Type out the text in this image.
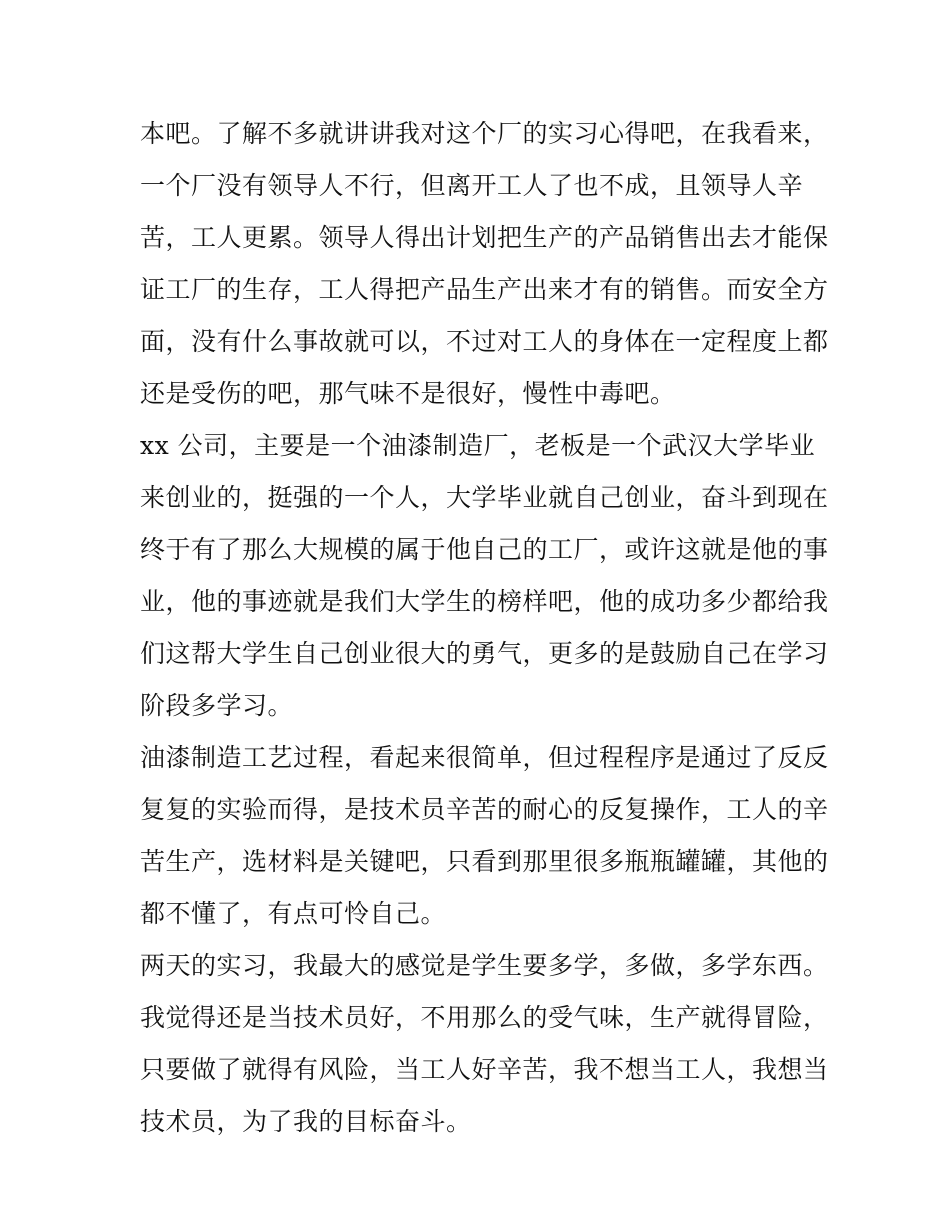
本吧。了解不多就讲讲我对这个厂的实习心得吧，在我看来，
一个厂没有领导人不行，但离开工人了也不成，且领导人辛
苦，工人更累。领导人得出计划把生产的产品销售出去才能保
证工厂的生存，工人得把产品生产出来才有的销售。而安全方
面，没有什么事故就可以，不过对工人的身体在一定程度上都
还是受伤的吧，那气味不是很好，慢性中毒吧。
xx 公司，主要是一个油漆制造厂，老板是一个武汉大学毕业
来创业的，挺强的一个人，大学毕业就自己创业，奋斗到现在
终于有了那么大规模的属于他自己的工厂，或许这就是他的事
业，他的事迹就是我们大学生的榜样吧，他的成功多少都给我
们这帮大学生自己创业很大的勇气，更多的是鼓励自己在学习
阶段多学习。
油漆制造工艺过程，看起来很简单，但过程程序是通过了反反
复复的实验而得，是技术员辛苦的耐心的反复操作，工人的辛
苦生产，选材料是关键吧，只看到那里很多瓶瓶罐罐，其他的
都不懂了，有点可怜自己。
两天的实习，我最大的感觉是学生要多学，多做，多学东西。
我觉得还是当技术员好，不用那么的受气味，生产就得冒险，
只要做了就得有风险，当工人好辛苦，我不想当工人，我想当
技术员，为了我的目标奋斗。
